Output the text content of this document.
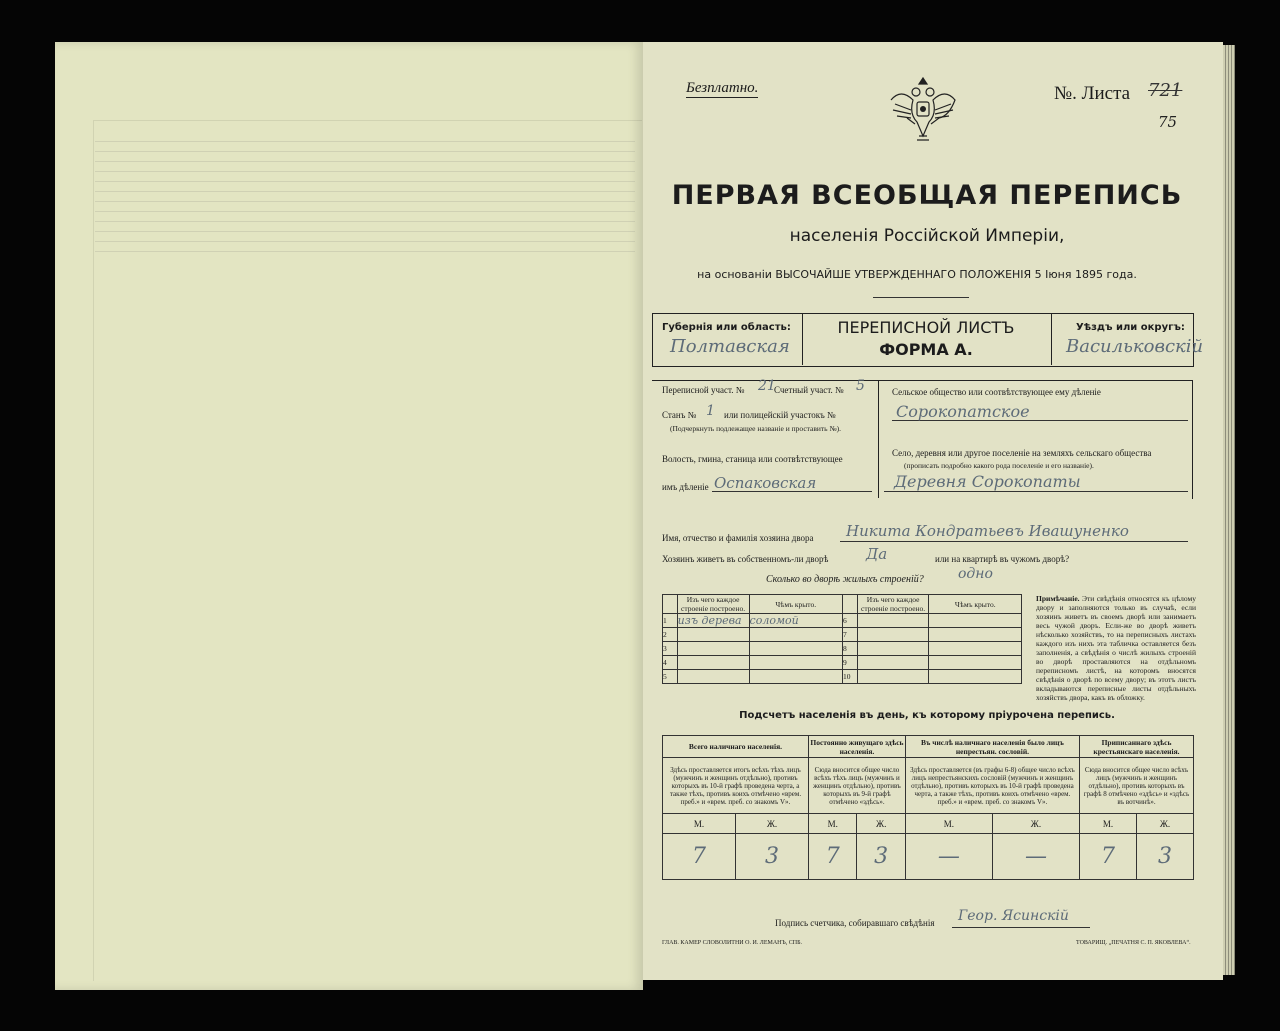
Безплатно.	№. Листа 721
75
ПЕРВАЯ ВСЕОБЩАЯ ПЕРЕПИСЬ
населенія Россійской Имперіи,
на основаніи ВЫСОЧАЙШЕ УТВЕРЖДЕННАГО ПОЛОЖЕНІЯ 5 Іюня 1895 года.
Губернія или область:
Полтавская
ПЕРЕПИСНОЙ ЛИСТЪ
ФОРМА А.
Уѣздъ или округъ:
Васильковскій
Переписной участ. № 21
Счетный участ. № 5
Станъ № 1 или полицейскій участокъ №
(Подчеркнуть подлежащее названіе и проставить №).
Волость, гмина, станица или соотвѣтствующее
имъ дѣленіе Оспаковская
Сельское общество или соотвѣтствующее ему дѣленіе
Сорокопатское
Село, деревня или другое поселеніе на земляхъ сельскаго общества
(прописать подробно какого рода поселеніе и его названіе).
Деревня Сорокопаты
Имя, отчество и фамилія хозяина двора Никита Кондратьевъ Ивашуненко
Хозяинъ живетъ въ собственномъ-ли дворѣ	Да	или на квартирѣ въ чужомъ дворѣ?
Сколько во дворѣ жилыхъ строеній? одно
	Изъ чего каждое строеніе построено.	Чѣмъ крыто.		Изъ чего каждое строеніе построено.	Чѣмъ крыто.
1	изъ дерева	соломой	6		
2			7		
3			8		
4			9		
5			10		
Примѣчаніе. Эти свѣдѣнія относятся къ цѣлому двору и заполняются только въ случаѣ, если хозяинъ живетъ въ своемъ дворѣ или занимаетъ весь чужой дворъ. Если-же во дворѣ живетъ нѣсколько хозяйствъ, то на переписныхъ листахъ каждого изъ нихъ эта табличка оставляется безъ заполненія, а свѣдѣнія о числѣ жилыхъ строеній во дворѣ проставляются на отдѣльномъ переписномъ листѣ, на которомъ вносятся свѣдѣнія о дворѣ по всему двору; въ этотъ листъ вкладываются переписные листы отдѣльныхъ хозяйствъ двора, какъ въ обложку.
Подсчетъ населенія въ день, къ которому пріурочена перепись.
Всего наличнаго населенія.		Постоянно живущаго здѣсь населенія.		Въ числѣ наличнаго населенія было лицъ непрестьян. сословій.		Приписаннаго здѣсь крестьянскаго населенія.	
Здѣсь проставляется итогъ всѣхъ тѣхъ лицъ (мужчинъ и женщинъ отдѣльно), противъ которыхъ въ 10-й графѣ проведена черта, а также тѣхъ, противъ коихъ отмѣчено «врем. преб.» и «врем. преб. со знакомъ V».		Сюда вносится общее число всѣхъ тѣхъ лицъ (мужчинъ и женщинъ отдѣльно), противъ которыхъ въ 9-й графѣ отмѣчено «здѣсь».		Здѣсь проставляется (въ графы 6-8) общее число всѣхъ лицъ непрестьянскихъ сословій (мужчинъ и женщинъ отдѣльно), противъ которыхъ въ 10-й графѣ проведена черта, а также тѣхъ, противъ коихъ отмѣчено «врем. преб.» и «врем. преб. со знакомъ V».		Сюда вносится общее число всѣхъ лицъ (мужчинъ и женщинъ отдѣльно), противъ которыхъ въ графѣ 8 отмѣчено «здѣсь» и «здѣсь въ вотчинѣ».	
М.	Ж.	М.	Ж.	М.	Ж.	М.	Ж.
7	3	7	3	—	—	7	3
Подпись счетчика, собиравшаго свѣдѣнія Геор. Ясинскій
ГЛАВ. КАМЕР СЛОВОЛИТНИ О. И. ЛЕМАНЪ, СПБ.	ТОВАРИЩ. „ПЕЧАТНЯ С. П. ЯКОВЛЕВА“.
